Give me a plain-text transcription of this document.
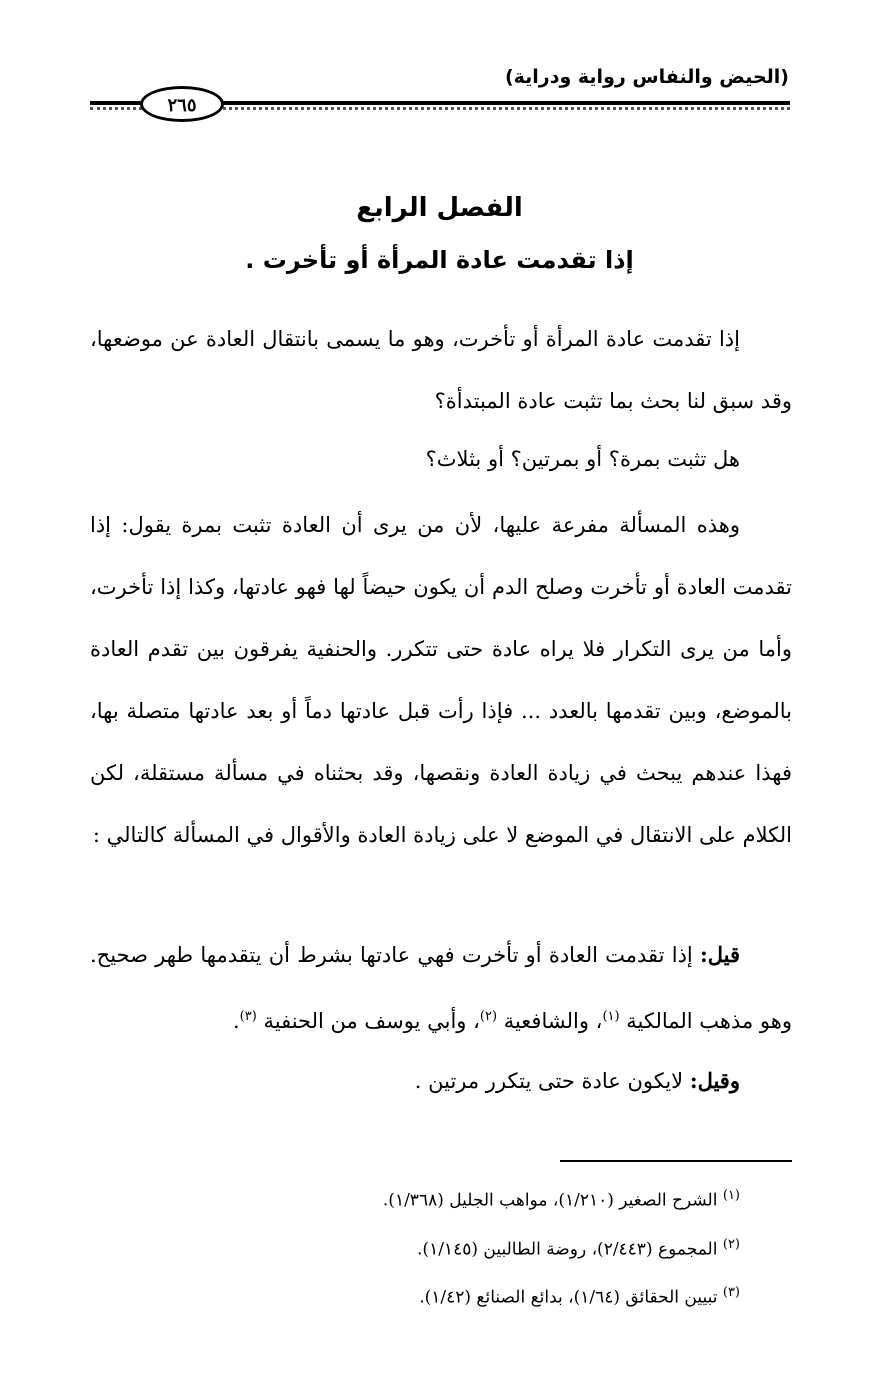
(الحيض والنفاس رواية ودراية)
٢٦٥
الفصل الرابع
إذا تقدمت عادة المرأة أو تأخرت .
إذا تقدمت عادة المرأة أو تأخرت، وهو ما يسمى بانتقال العادة عن موضعها، وقد سبق لنا بحث بما تثبت عادة المبتدأة؟
هل تثبت بمرة؟ أو بمرتين؟ أو بثلاث؟
وهذه المسألة مفرعة عليها، لأن من يرى أن العادة تثبت بمرة يقول: إذا تقدمت العادة أو تأخرت وصلح الدم أن يكون حيضاً لها فهو عادتها، وكذا إذا تأخرت، وأما من يرى التكرار فلا يراه عادة حتى تتكرر. والحنفية يفرقون بين تقدم العادة بالموضع، وبين تقدمها بالعدد ... فإذا رأت قبل عادتها دماً أو بعد عادتها متصلة بها، فهذا عندهم يبحث في زيادة العادة ونقصها، وقد بحثناه في مسألة مستقلة، لكن الكلام على الانتقال في الموضع لا على زيادة العادة والأقوال في المسألة كالتالي :
قيل: إذا تقدمت العادة أو تأخرت فهي عادتها بشرط أن يتقدمها طهر صحيح. وهو مذهب المالكية $^{(١)}$، والشافعية $^{(٢)}$، وأبي يوسف من الحنفية $^{(٣)}$.
وقيل: لايكون عادة حتى يتكرر مرتين .
$^{(١)}$ الشرح الصغير (١/٢١٠)، مواهب الجليل (١/٣٦٨).
$^{(٢)}$ المجموع (٢/٤٤٣)، روضة الطالبين (١/١٤٥).
$^{(٣)}$ تبيين الحقائق (١/٦٤)، بدائع الصنائع (١/٤٢).
